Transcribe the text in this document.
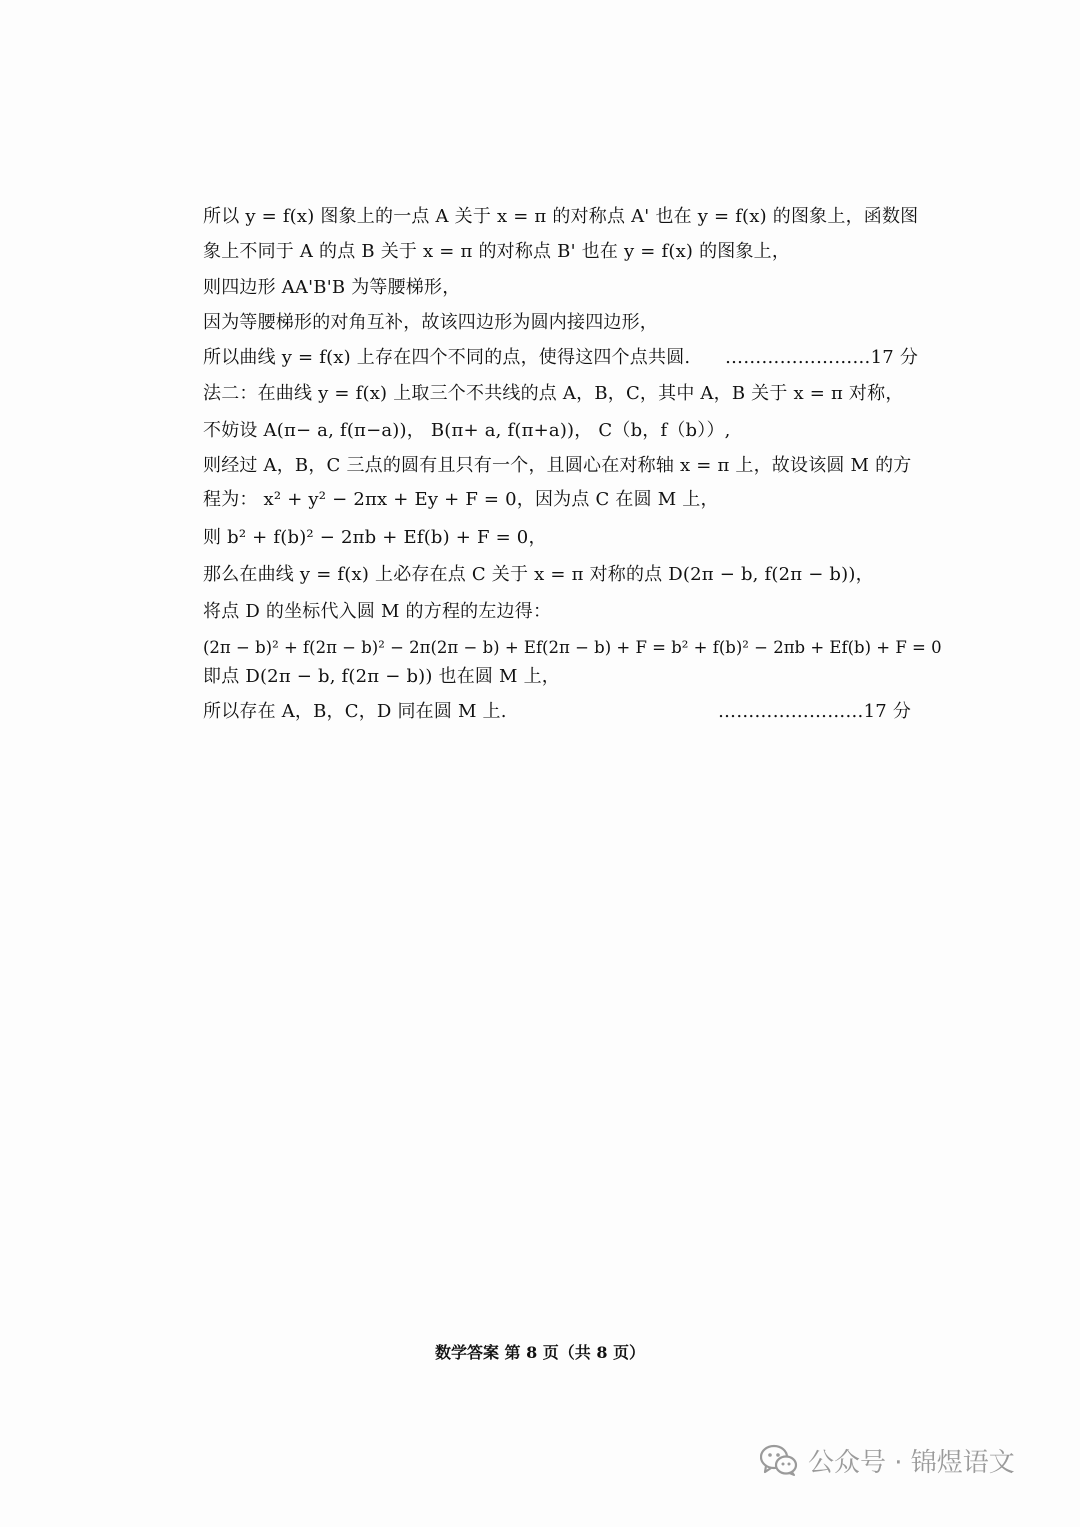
所以 y = f(x) 图象上的一点 A 关于 x = π 的对称点 A' 也在 y = f(x) 的图象上，函数图
象上不同于 A 的点 B 关于 x = π 的对称点 B' 也在 y = f(x) 的图象上，
则四边形 AA'B'B 为等腰梯形，
因为等腰梯形的对角互补，故该四边形为圆内接四边形，
所以曲线 y = f(x) 上存在四个不同的点，使得这四个点共圆. ……………………17 分
法二：在曲线 y = f(x) 上取三个不共线的点 A，B，C，其中 A，B 关于 x = π 对称，
不妨设 A(π− a, f(π−a))， B(π+ a, f(π+a))， C（b，f（b））,
则经过 A，B，C 三点的圆有且只有一个，且圆心在对称轴 x = π 上，故设该圆 M 的方
程为： x² + y² − 2πx + Ey + F = 0，因为点 C 在圆 M 上，
则 b² + f(b)² − 2πb + Ef(b) + F = 0，
那么在曲线 y = f(x) 上必存在点 C 关于 x = π 对称的点 D(2π − b, f(2π − b))，
将点 D 的坐标代入圆 M 的方程的左边得：
(2π − b)² + f(2π − b)² − 2π(2π − b) + Ef(2π − b) + F = b² + f(b)² − 2πb + Ef(b) + F = 0
即点 D(2π − b, f(2π − b)) 也在圆 M 上，
所以存在 A，B，C，D 同在圆 M 上.	……………………17 分
数学答案 第 8 页（共 8 页）
公众号 · 锦煜语文
